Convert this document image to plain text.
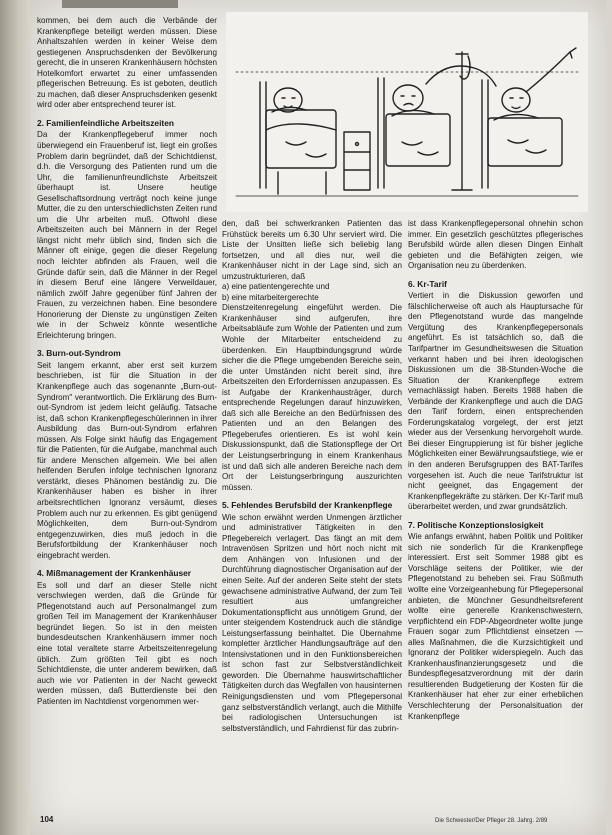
kommen, bei dem auch die Verbände der Krankenpflege beteiligt werden müssen. Diese Anhaltszahlen werden in keiner Weise dem gestiegenen Anspruchsdenken der Bevölkerung gerecht, die in unseren Krankenhäusern höchsten Hotelkomfort erwartet zu einer umfassenden pflegerischen Betreuung. Es ist geboten, deutlich zu machen, daß dieser Anspruchsdenken gesenkt wird oder aber entsprechend teurer ist.

2. Familienfeindliche Arbeitszeiten

Da der Krankenpflegeberuf immer noch überwiegend ein Frauenberuf ist, liegt ein großes Problem darin begründet, daß der Schichtdienst, d.h. die Versorgung des Patienten rund um die Uhr, die familienunfreundlichste Arbeitszeit überhaupt ist. Unsere heutige Gesellschaftsordnung verträgt noch keine junge Mutter, die zu den unterschiedlichsten Zeiten rund um die Uhr arbeiten muß. Oftwohl diese Arbeitszeiten auch bei Männern in der Regel längst nicht mehr üblich sind, finden sich die Männer oft einige, gegen die dieser Regelung noch leichter abfinden als Frauen, weil die Gründe dafür sein, daß die Männer in der Regel in diesem Beruf eine längere Verweildauer, nämlich zwölf Jahre gegenüber fünf Jahren der Frauen, zu verzeichnen haben. Eine besondere Honorierung der Dienste zu ungünstigen Zeiten wie in der Schweiz könnte wesentliche Erleichterung bringen.

3. Burn-out-Syndrom

Seit langem erkannt, aber erst seit kurzem beschrieben, ist für die Situation in der Krankenpflege auch das sogenannte „Burn-out-Syndrom" verantwortlich. Die Erklärung des Burn-out-Syndrom ist jedem leicht geläufig. Tatsache ist, daß schon Krankenpflegeschülerinnen in ihrer Ausbildung das Burn-out-Syndrom erfahren müssen. Als Folge sinkt häufig das Engagement für die Patienten, für die Aufgabe, manchmal auch für andere Menschen allgemein. Wie bei allen helfenden Berufen infolge technischen Ignoranz verstärkt, dieses Phänomen beständig zu. Die Krankenhäuser haben es bisher in ihrer arbeitsrechtlichen Ignoranz versäumt, dieses Problem auch nur zu erkennen. Es gibt genügend Möglichkeiten, dem Burn-out-Syndrom entgegenzuwirken, dies muß jedoch in die Berufsfortbildung der Krankenhäuser noch eingebracht werden.

4. Mißmanagement der Krankenhäuser

Es soll und darf an dieser Stelle nicht verschwiegen werden, daß die Gründe für Pflegenotstand auch auf Personalmangel zum großen Teil im Management der Krankenhäuser begründet liegen. So ist in den meisten bundesdeutschen Krankenhäusern immer noch eine total veraltete starre Arbeitszeitenregelung üblich. Zum größten Teil gibt es noch Schichtdienste, die unter anderem bewirken, daß auch wie vor Patienten in der Nacht geweckt werden müssen, daß Butterdienste bei den Patienten im Nachtdienst vorgenommen wer-

den, daß bei schwerkranken Patienten das Frühstück bereits um 6.30 Uhr serviert wird. Die Liste der Unsitten ließe sich beliebig lang fortsetzen, und all dies nur, weil die Krankenhäuser nicht in der Lage sind, sich an umzustrukturieren, daß

a) eine patientengerechte und

b) eine mitarbeitergerechte

Dienstzeitenregelung eingeführt werden. Die Krankenhäuser sind aufgerufen, ihre Arbeitsabläufe zum Wohle der Patienten und zum Wohle der Mitarbeiter entscheidend zu überdenken. Ein Hauptbindungsgrund würde sicher die die Pflege umgebenden Bereiche sein, die unter Umständen nicht bereit sind, ihre Arbeitszeiten den Erfordernissen anzupassen. Es ist Aufgabe der Krankenhausträger, durch entsprechende Regelungen darauf hinzuwirken, daß sich alle Bereiche an den Bedürfnissen des Patienten und an den Belangen des Pflegeberufes orientieren. Es ist wohl kein Diskussionspunkt, daß die Stationspflege der Ort der Leistungserbringung in einem Krankenhaus ist und daß sich alle anderen Bereiche nach dem Ort der Leistungserbringung auszurichten müssen.

5. Fehlendes Berufsbild der Krankenpflege

Wie schon erwähnt werden Unmengen ärztlicher und administrativer Tätigkeiten in den Pflegebereich verlagert. Das fängt an mit dem Intravenösen Spritzen und hört noch nicht mit dem Anhängen von Infusionen und der Durchführung diagnostischer Organisation auf der einen Seite. Auf der anderen Seite steht der stets gewachsene administrative Aufwand, der zum Teil resultiert aus umfangreicher Dokumentationspflicht aus unnötigem Grund, der unter steigendem Kostendruck auch die ständige Leistungserfassung beinhaltet. Die Übernahme kompletter ärztlicher Handlungsaufträge auf den Intensivstationen und in den Funktionsbereichen ist schon fast zur Selbstverständlichkeit geworden. Die Übernahme hauswirtschaftlicher Tätigkeiten durch das Wegfallen von hausinternen Reinigungsdiensten und vom Pflegepersonal ganz selbstverständlich verlangt, auch die Mithilfe bei radiologischen Untersuchungen ist selbstverständlich, und Fahrdienst für das zubrin-

ist dass Krankenpflegepersonal ohnehin schon immer. Ein gesetzlich geschütztes pflegerisches Berufsbild würde allen diesen Dingen Einhalt gebieten und die Befähigten zeigen, wie Organisation neu zu überdenken.

6. Kr-Tarif

Vertiert in die Diskussion geworfen und fälschlicherweise oft auch als Hauptursache für den Pflegenotstand wurde das mangelnde Vergütung des Krankenpflegepersonals angeführt. Es ist tatsächlich so, daß die Tarifpartner im Gesundheitswesen die Situation verkannt haben und bei ihren ideologischen Diskussionen um die 38-Stunden-Woche die Situation der Krankenpflege extrem vernachlässigt haben. Bereits 1988 haben die Verbände der Krankenpflege und auch die DAG den Tarif fordern, einen entsprechenden Forderungskatalog vorgelegt, der erst jetzt wieder aus der Versenkung hervorgeholt wurde. Bei dieser Eingruppierung ist für bisher jegliche Möglichkeiten einer Bewährungsaufstiege, wie er in den anderen Berufsgruppen des BAT-Tarifes vorgesehen ist. Auch die neue Tarifstruktur ist nicht geeignet, das Engagement der Krankenpflegekräfte zu stärken. Der Kr-Tarif muß überarbeitet werden, und zwar grundsätzlich.

7. Politische Konzeptionslosigkeit

Wie anfangs erwähnt, haben Politik und Politiker sich nie sonderlich für die Krankenpflege interessiert. Erst seit Sommer 1988 gibt es Vorschläge seitens der Politiker, wie der Pflegenotstand zu beheben sei. Frau Süßmuth wollte eine Vorzeigeanhebung für Pflegepersonal anbieten, die Münchner Gesundheitsreferent wollte eine generelle Krankenschwestern, verpflichtend ein FDP-Abgeordneter wollte junge Frauen sogar zum Pflichtdienst einsetzen — alles Maßnahmen, die die Kurzsichtigkeit und Ignoranz der Politiker widerspiegeln. Auch das Krankenhausfinanzierungsgesetz und die Bundespflegesatzverordnung mit der darin resultierenden Budgetierung der Kosten für die Krankenhäuser hat eher zur einer erheblichen Verschlechterung der Personalsituation der Krankenpflege

104	Die Schwester/Der Pfleger 28. Jahrg. 2/89
